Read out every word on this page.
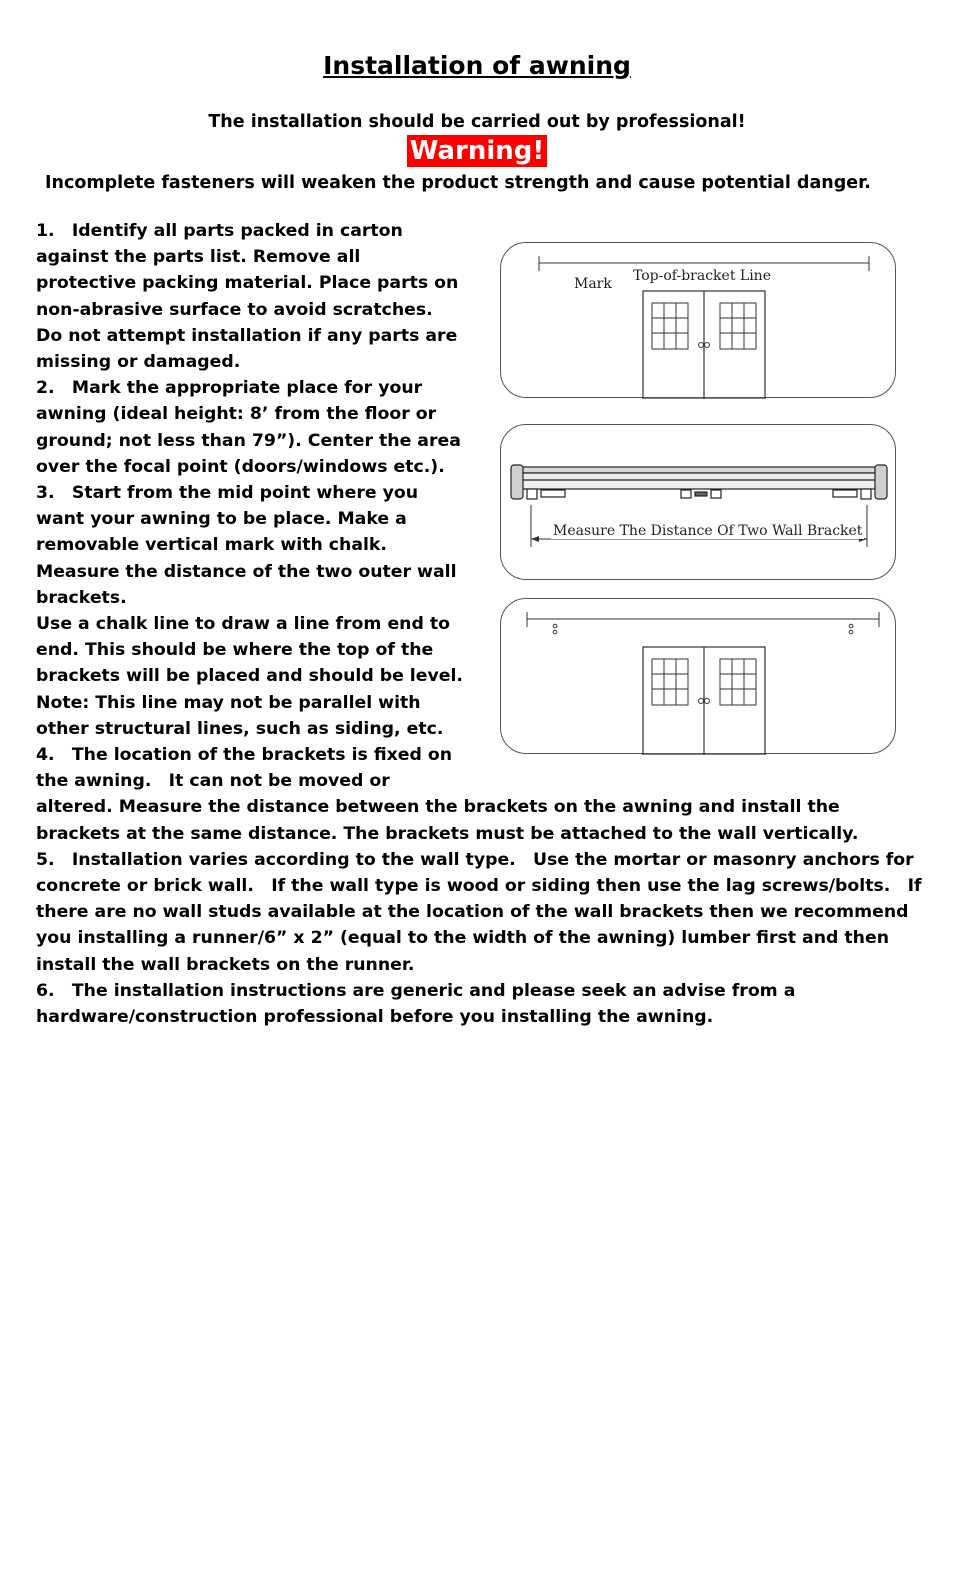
Installation of awning
The installation should be carried out by professional!
Warning!
Incomplete fasteners will weaken the product strength and cause potential danger.
Mark Top-of-bracket Line
Measure The Distance Of Two Wall Bracket

1. Identify all parts packed in carton against the parts list. Remove all protective packing material. Place parts on non-abrasive surface to avoid scratches. Do not attempt installation if any parts are missing or damaged.

2. Mark the appropriate place for your awning (ideal height: 8’ from the floor or ground; not less than 79”). Center the area over the focal point (doors/windows etc.).

3. Start from the mid point where you want your awning to be place. Make a removable vertical mark with chalk. Measure the distance of the two outer wall brackets.

Use a chalk line to draw a line from end to end. This should be where the top of the brackets will be placed and should be level. Note: This line may not be parallel with other structural lines, such as siding, etc.

4. The location of the brackets is fixed on the awning. It can not be moved or altered. Measure the distance between the brackets on the awning and install the brackets at the same distance. The brackets must be attached to the wall vertically.

5. Installation varies according to the wall type. Use the mortar or masonry anchors for concrete or brick wall. If the wall type is wood or siding then use the lag screws/bolts. If there are no wall studs available at the location of the wall brackets then we recommend you installing a runner/6” x 2” (equal to the width of the awning) lumber first and then install the wall brackets on the runner.

6. The installation instructions are generic and please seek an advise from a hardware/construction professional before you installing the awning.
